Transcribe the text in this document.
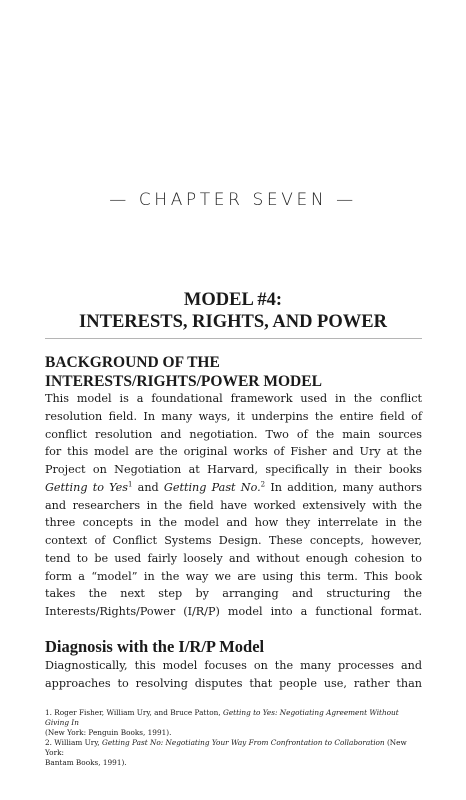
— CHAPTER SEVEN —
MODEL #4:
INTERESTS, RIGHTS, AND POWER
BACKGROUND OF THE
INTERESTS/RIGHTS/POWER MODEL
This model is a foundational framework used in the conflict
resolution field. In many ways, it underpins the entire field of
conflict resolution and negotiation. Two of the main sources
for this model are the original works of Fisher and Ury at the
Project on Negotiation at Harvard, specifically in their books
Getting to Yes$^1$ and Getting Past No.$^2$ In addition, many authors
and researchers in the field have worked extensively with the
three concepts in the model and how they interrelate in the
context of Conflict Systems Design. These concepts, however,
tend to be used fairly loosely and without enough cohesion to
form a “model” in the way we are using this term. This book
takes the next step by arranging and structuring the
Interests/Rights/Power (I/R/P) model into a functional format.
Diagnosis with the I/R/P Model
Diagnostically, this model focuses on the many processes and
approaches to resolving disputes that people use, rather than
1. Roger Fisher, William Ury, and Bruce Patton, Getting to Yes: Negotiating Agreement Without Giving In
(New York: Penguin Books, 1991).
2. William Ury, Getting Past No: Negotiating Your Way From Confrontation to Collaboration (New York:
Bantam Books, 1991).
